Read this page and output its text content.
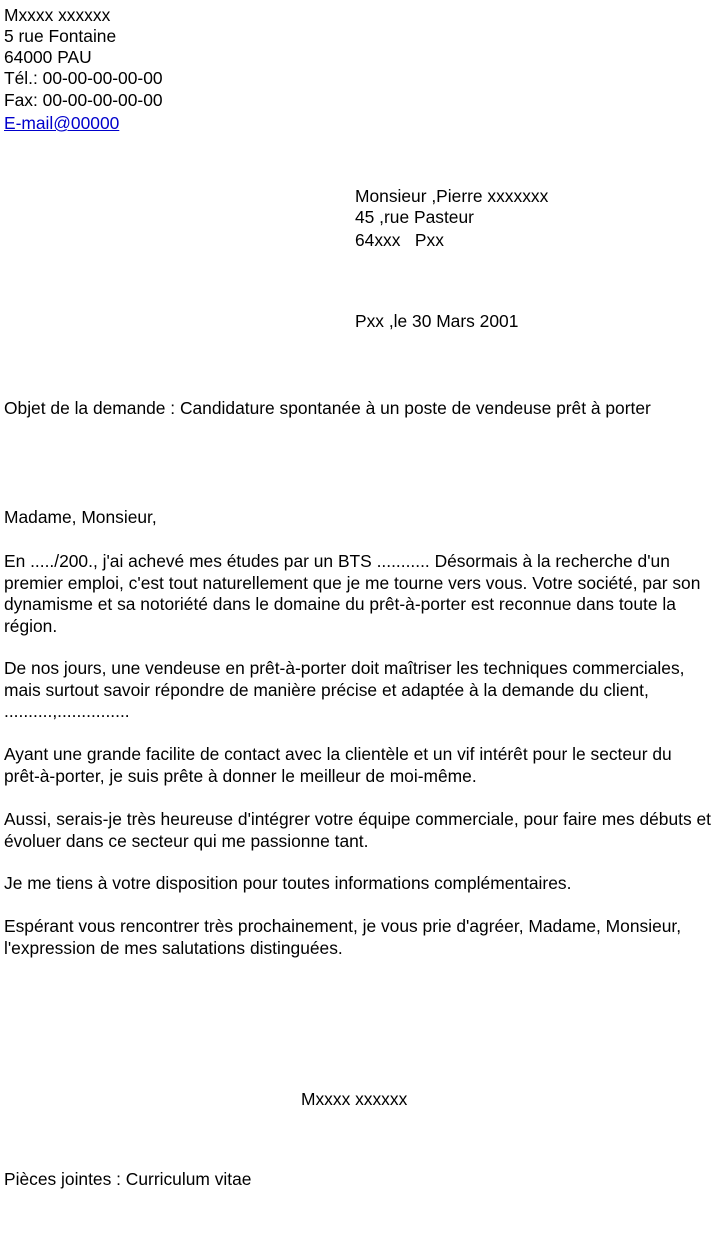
Mxxxx xxxxxx
5 rue Fontaine
64000 PAU
Tél.: 00-00-00-00-00
Fax: 00-00-00-00-00
E-mail@00000
Monsieur ,Pierre xxxxxxx
45 ,rue Pasteur
64xxx   Pxx
Pxx ,le 30 Mars 2001
Objet de la demande : Candidature spontanée à un poste de vendeuse prêt à porter
Madame, Monsieur,

En ...../200., j'ai achevé mes études par un BTS ........... Désormais à la recherche d'un premier emploi, c'est tout naturellement que je me tourne vers vous. Votre société, par son dynamisme et sa notoriété dans le domaine du prêt-à-porter est reconnue dans toute la région.

De nos jours, une vendeuse en prêt-à-porter doit maîtriser les techniques commerciales, mais surtout savoir répondre de manière précise et adaptée à la demande du client, ..........,...............

Ayant une grande facilite de contact avec la clientèle et un vif intérêt pour le secteur du prêt-à-porter, je suis prête à donner le meilleur de moi-même.

Aussi, serais-je très heureuse d'intégrer votre équipe commerciale, pour faire mes débuts et évoluer dans ce secteur qui me passionne tant.

Je me tiens à votre disposition pour toutes informations complémentaires.

Espérant vous rencontrer très prochainement, je vous prie d'agréer, Madame, Monsieur, l'expression de mes salutations distinguées.

Mxxxx xxxxxx
Pièces jointes : Curriculum vitae
